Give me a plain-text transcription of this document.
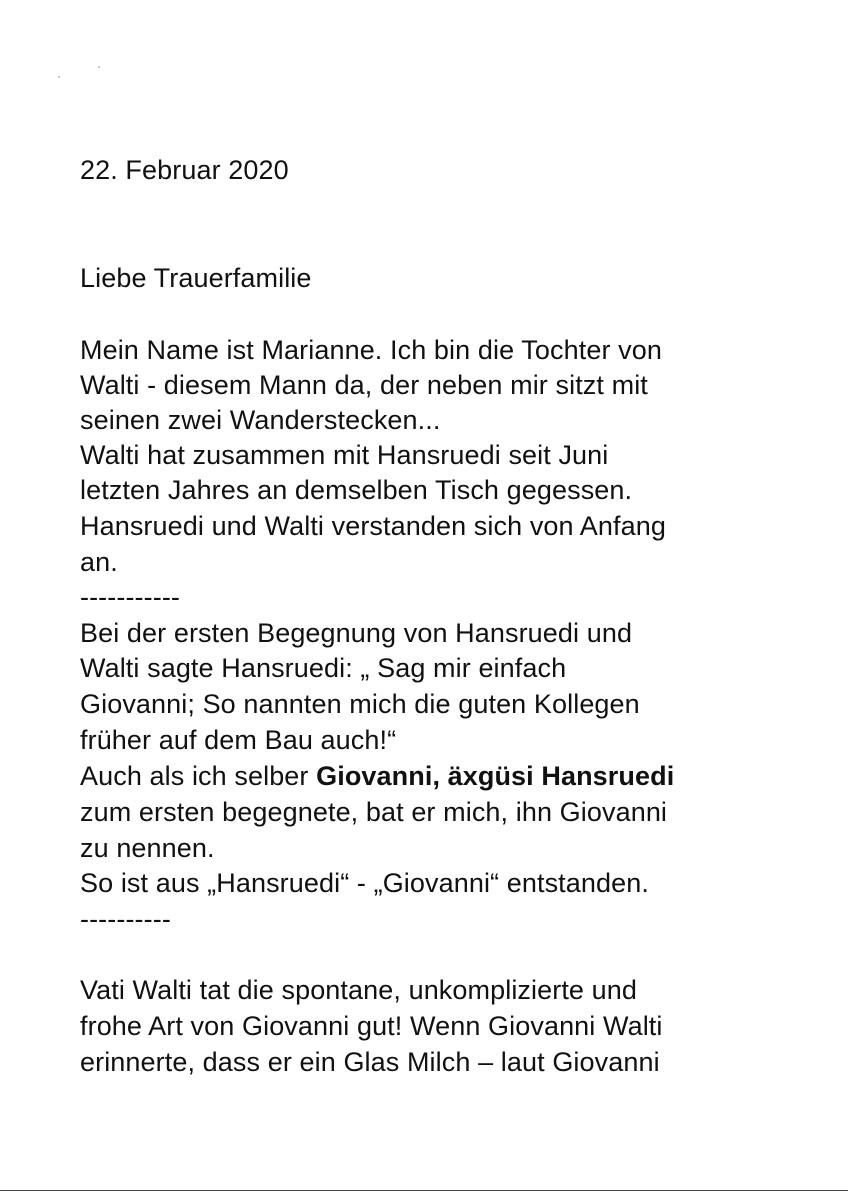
22. Februar 2020
Liebe Trauerfamilie
Mein Name ist Marianne. Ich bin die Tochter von
Walti - diesem Mann da, der neben mir sitzt mit
seinen zwei Wanderstecken...
Walti hat zusammen mit Hansruedi seit Juni
letzten Jahres an demselben Tisch gegessen.
Hansruedi und Walti verstanden sich von Anfang
an.
-----------
Bei der ersten Begegnung von Hansruedi und
Walti sagte Hansruedi: „ Sag mir einfach
Giovanni; So nannten mich die guten Kollegen
früher auf dem Bau auch!“
Auch als ich selber Giovanni, äxgüsi Hansruedi
zum ersten begegnete, bat er mich, ihn Giovanni
zu nennen.
So ist aus „Hansruedi“ - „Giovanni“ entstanden.
----------
Vati Walti tat die spontane, unkomplizierte und
frohe Art von Giovanni gut! Wenn Giovanni Walti
erinnerte, dass er ein Glas Milch – laut Giovanni
